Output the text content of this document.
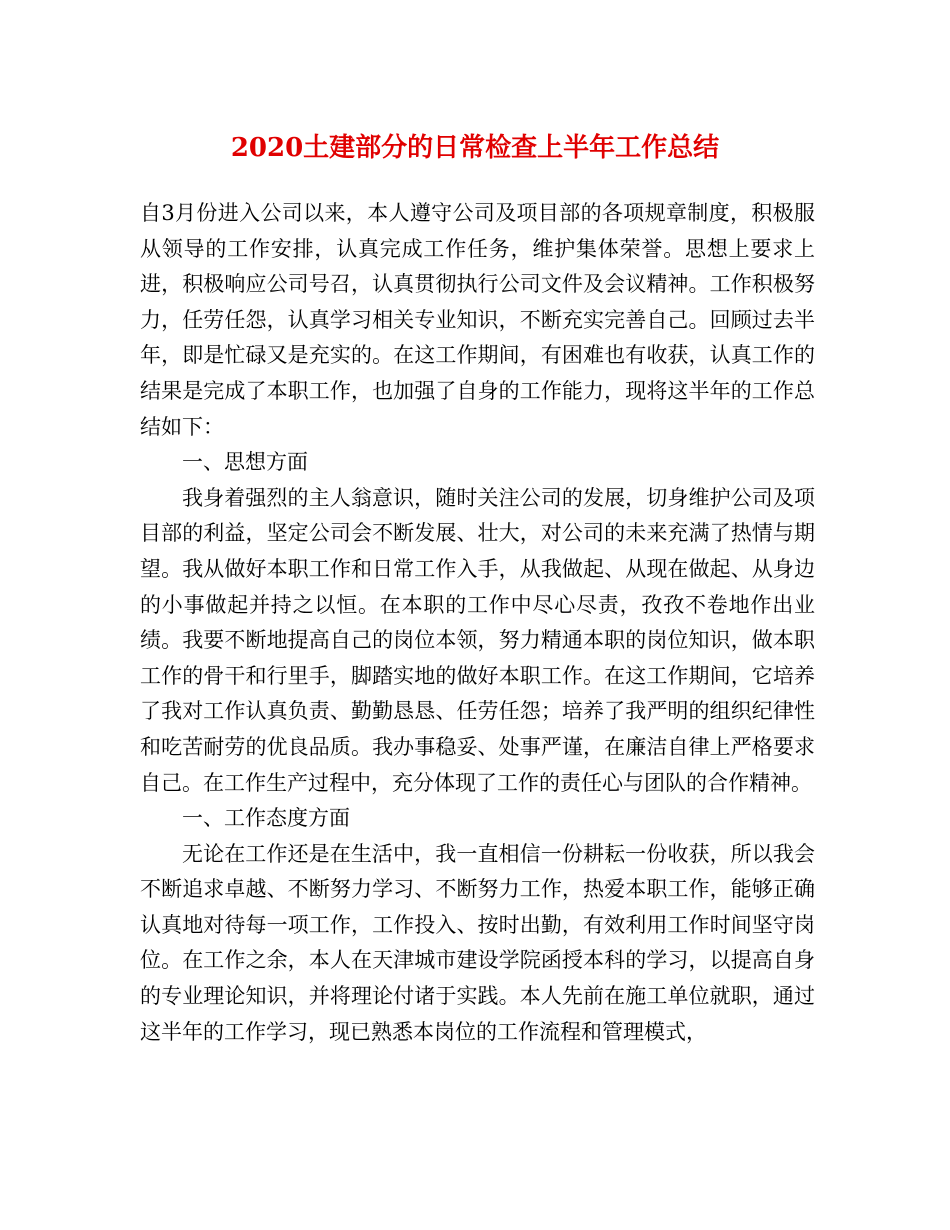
2020土建部分的日常检查上半年工作总结

自3月份进入公司以来，本人遵守公司及项目部的各项规章制度，积极服从领导的工作安排，认真完成工作任务，维护集体荣誉。思想上要求上进，积极响应公司号召，认真贯彻执行公司文件及会议精神。工作积极努力，任劳任怨，认真学习相关专业知识，不断充实完善自己。回顾过去半年，即是忙碌又是充实的。在这工作期间，有困难也有收获，认真工作的结果是完成了本职工作，也加强了自身的工作能力，现将这半年的工作总结如下：

一、思想方面

我身着强烈的主人翁意识，随时关注公司的发展，切身维护公司及项目部的利益，坚定公司会不断发展、壮大，对公司的未来充满了热情与期望。我从做好本职工作和日常工作入手，从我做起、从现在做起、从身边的小事做起并持之以恒。在本职的工作中尽心尽责，孜孜不卷地作出业绩。我要不断地提高自己的岗位本领，努力精通本职的岗位知识，做本职工作的骨干和行里手，脚踏实地的做好本职工作。在这工作期间，它培养了我对工作认真负责、勤勤恳恳、任劳任怨；培养了我严明的组织纪律性和吃苦耐劳的优良品质。我办事稳妥、处事严谨，在廉洁自律上严格要求自己。在工作生产过程中，充分体现了工作的责任心与团队的合作精神。

一、工作态度方面

无论在工作还是在生活中，我一直相信一份耕耘一份收获，所以我会不断追求卓越、不断努力学习、不断努力工作，热爱本职工作，能够正确认真地对待每一项工作，工作投入、按时出勤，有效利用工作时间坚守岗位。在工作之余，本人在天津城市建设学院函授本科的学习，以提高自身的专业理论知识，并将理论付诸于实践。本人先前在施工单位就职，通过这半年的工作学习，现已熟悉本岗位的工作流程和管理模式，
